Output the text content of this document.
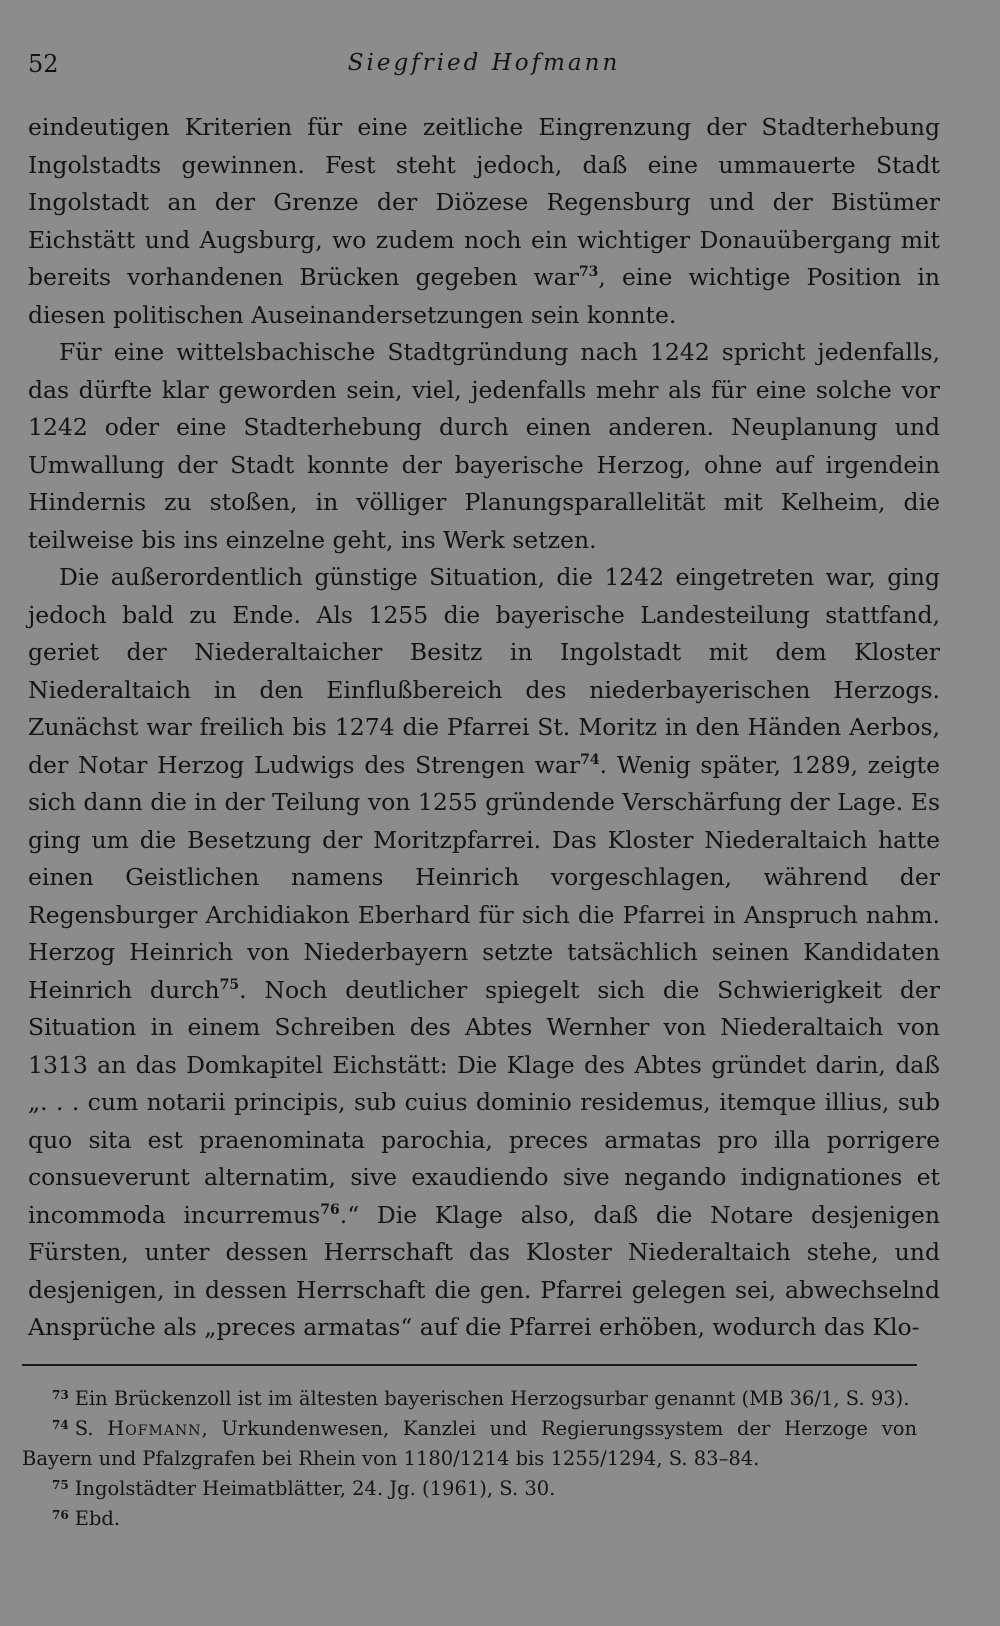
52	Siegfried Hofmann

eindeutigen Kriterien für eine zeitliche Eingrenzung der Stadterhebung Ingolstadts gewinnen. Fest steht jedoch, daß eine ummauerte Stadt Ingolstadt an der Grenze der Diözese Regensburg und der Bistümer Eichstätt und Augsburg, wo zudem noch ein wichtiger Donauübergang mit bereits vorhandenen Brücken gegeben war$^{73}$, eine wichtige Position in diesen politischen Auseinandersetzungen sein konnte.

Für eine wittelsbachische Stadtgründung nach 1242 spricht jedenfalls, das dürfte klar geworden sein, viel, jedenfalls mehr als für eine solche vor 1242 oder eine Stadterhebung durch einen anderen. Neuplanung und Umwallung der Stadt konnte der bayerische Herzog, ohne auf irgendein Hindernis zu stoßen, in völliger Planungsparallelität mit Kelheim, die teilweise bis ins einzelne geht, ins Werk setzen.

Die außerordentlich günstige Situation, die 1242 eingetreten war, ging jedoch bald zu Ende. Als 1255 die bayerische Landesteilung stattfand, geriet der Niederaltaicher Besitz in Ingolstadt mit dem Kloster Niederaltaich in den Einflußbereich des niederbayerischen Herzogs. Zunächst war freilich bis 1274 die Pfarrei St. Moritz in den Händen Aerbos, der Notar Herzog Ludwigs des Strengen war$^{74}$. Wenig später, 1289, zeigte sich dann die in der Teilung von 1255 gründende Verschärfung der Lage. Es ging um die Besetzung der Moritzpfarrei. Das Kloster Niederaltaich hatte einen Geistlichen namens Heinrich vorgeschlagen, während der Regensburger Archidiakon Eberhard für sich die Pfarrei in Anspruch nahm. Herzog Heinrich von Niederbayern setzte tatsächlich seinen Kandidaten Heinrich durch$^{75}$. Noch deutlicher spiegelt sich die Schwierigkeit der Situation in einem Schreiben des Abtes Wernher von Niederaltaich von 1313 an das Domkapitel Eichstätt: Die Klage des Abtes gründet darin, daß „. . . cum notarii principis, sub cuius dominio residemus, itemque illius, sub quo sita est praenominata parochia, preces armatas pro illa porrigere consueverunt alternatim, sive exaudiendo sive negando indignationes et incommoda incurremus$^{76}$.“ Die Klage also, daß die Notare desjenigen Fürsten, unter dessen Herrschaft das Kloster Niederaltaich stehe, und desjenigen, in dessen Herrschaft die gen. Pfarrei gelegen sei, abwechselnd Ansprüche als „preces armatas“ auf die Pfarrei erhöben, wodurch das Klo-

$^{73}$ Ein Brückenzoll ist im ältesten bayerischen Herzogsurbar genannt (MB 36/1, S. 93).

$^{74}$ S. Hofmann, Urkundenwesen, Kanzlei und Regierungssystem der Herzoge von Bayern und Pfalzgrafen bei Rhein von 1180/1214 bis 1255/1294, S. 83–84.

$^{75}$ Ingolstädter Heimatblätter, 24. Jg. (1961), S. 30.

$^{76}$ Ebd.
